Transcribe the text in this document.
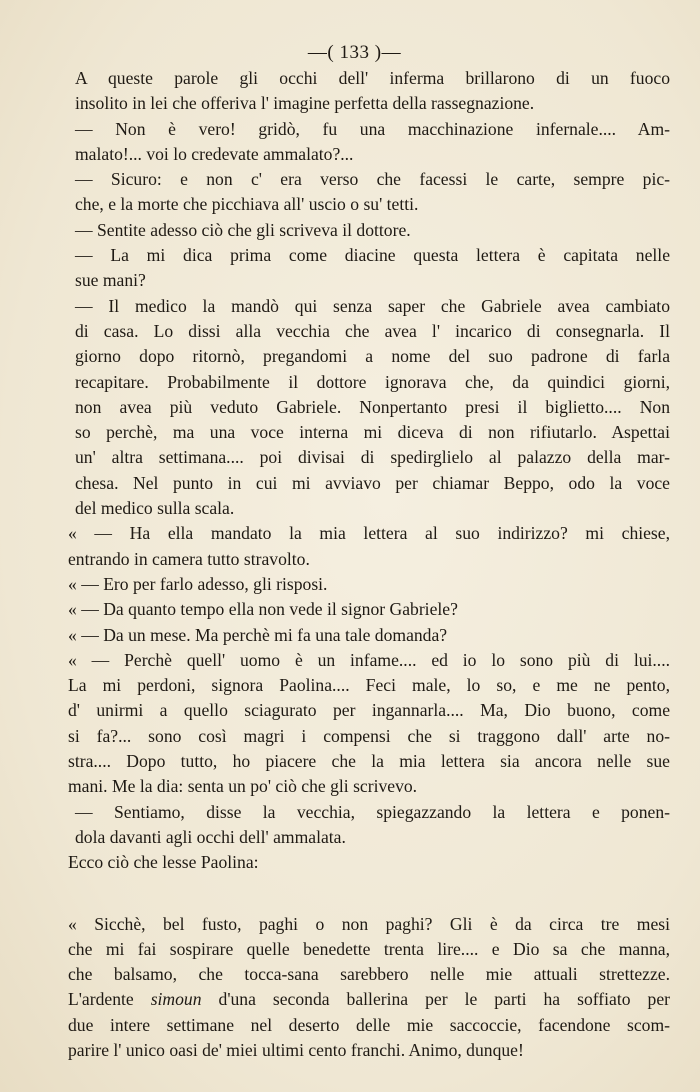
—( 133 )—

A queste parole gli occhi dell' inferma brillarono di un fuoco
insolito in lei che offeriva l' imagine perfetta della rassegnazione.

— Non è vero! gridò, fu una macchinazione infernale.... Am-
malato!... voi lo credevate ammalato?...

— Sicuro: e non c' era verso che facessi le carte, sempre pic-
che, e la morte che picchiava all' uscio o su' tetti.

— Sentite adesso ciò che gli scriveva il dottore.

— La mi dica prima come diacine questa lettera è capitata nelle
sue mani?

— Il medico la mandò qui senza saper che Gabriele avea cambiato
di casa. Lo dissi alla vecchia che avea l' incarico di consegnarla. Il
giorno dopo ritornò, pregandomi a nome del suo padrone di farla
recapitare. Probabilmente il dottore ignorava che, da quindici giorni,
non avea più veduto Gabriele. Nonpertanto presi il biglietto.... Non
so perchè, ma una voce interna mi diceva di non rifiutarlo. Aspettai
un' altra settimana.... poi divisai di spedirglielo al palazzo della mar-
chesa. Nel punto in cui mi avviavo per chiamar Beppo, odo la voce
del medico sulla scala.

« — Ha ella mandato la mia lettera al suo indirizzo? mi chiese,
entrando in camera tutto stravolto.

« — Ero per farlo adesso, gli risposi.

« — Da quanto tempo ella non vede il signor Gabriele?

« — Da un mese. Ma perchè mi fa una tale domanda?

« — Perchè quell' uomo è un infame.... ed io lo sono più di lui....
La mi perdoni, signora Paolina.... Feci male, lo so, e me ne pento,
d' unirmi a quello sciagurato per ingannarla.... Ma, Dio buono, come
si fa?... sono così magri i compensi che si traggono dall' arte no-
stra.... Dopo tutto, ho piacere che la mia lettera sia ancora nelle sue
mani. Me la dia: senta un po' ciò che gli scrivevo.

— Sentiamo, disse la vecchia, spiegazzando la lettera e ponen-
dola davanti agli occhi dell' ammalata.

Ecco ciò che lesse Paolina:

« Sicchè, bel fusto, paghi o non paghi? Gli è da circa tre mesi
che mi fai sospirare quelle benedette trenta lire.... e Dio sa che manna,
che balsamo, che tocca-sana sarebbero nelle mie attuali strettezze.
L'ardente simoun d'una seconda ballerina per le parti ha soffiato per
due intere settimane nel deserto delle mie saccoccie, facendone scom-
parire l' unico oasi de' miei ultimi cento franchi. Animo, dunque!
